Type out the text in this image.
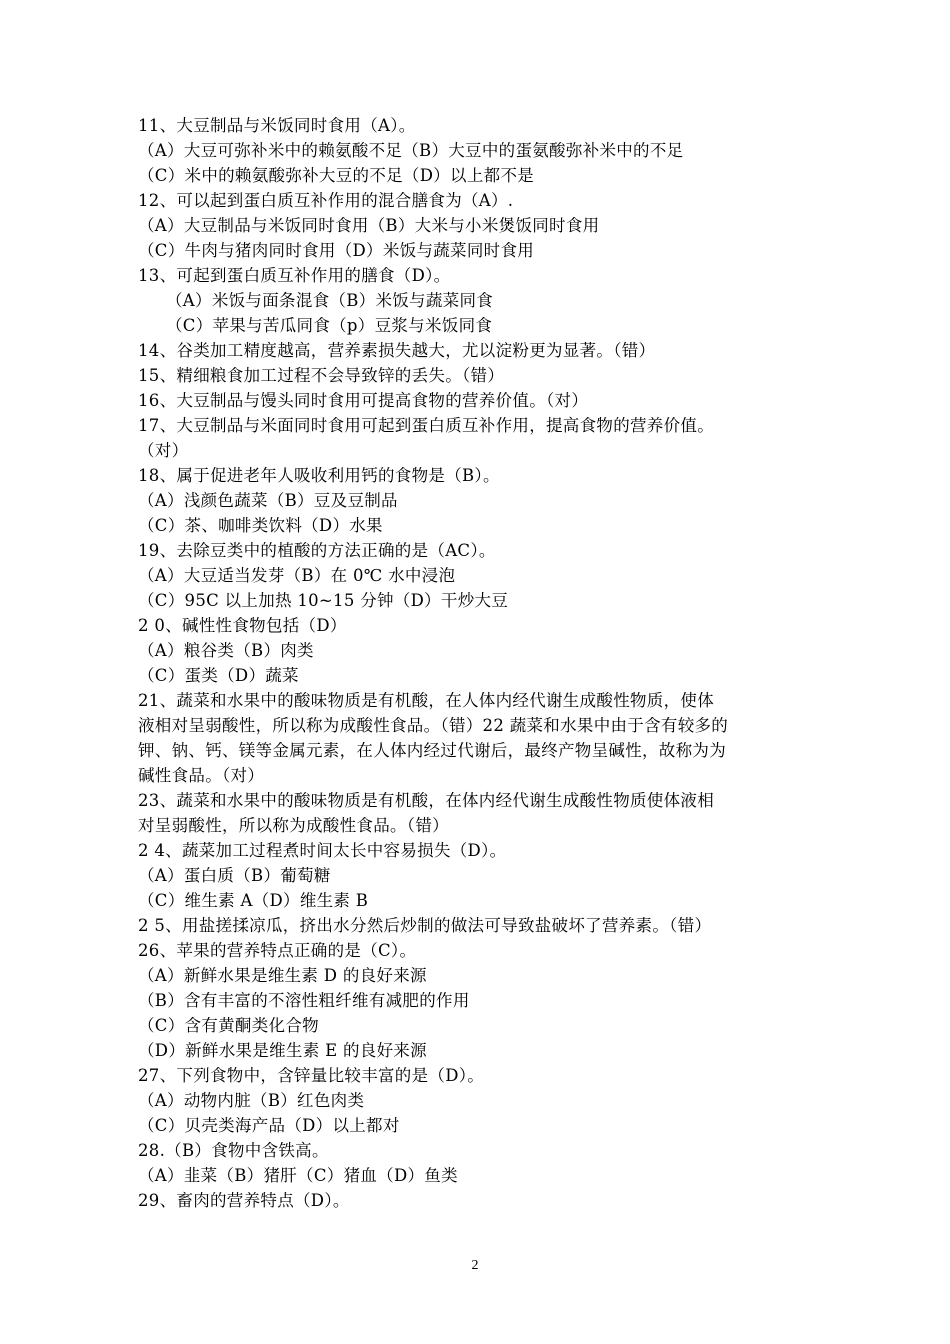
11、大豆制品与米饭同时食用（A）。
（A）大豆可弥补米中的赖氨酸不足（B）大豆中的蛋氨酸弥补米中的不足
（C）米中的赖氨酸弥补大豆的不足（D）以上都不是
12、可以起到蛋白质互补作用的混合膳食为（A）.
（A）大豆制品与米饭同时食用（B）大米与小米煲饭同时食用
（C）牛肉与猪肉同时食用（D）米饭与蔬菜同时食用
13、可起到蛋白质互补作用的膳食（D）。
（A）米饭与面条混食（B）米饭与蔬菜同食
（C）苹果与苦瓜同食（p）豆浆与米饭同食
14、谷类加工精度越高，营养素损失越大，尤以淀粉更为显著。（错）
15、精细粮食加工过程不会导致锌的丢失。（错）
16、大豆制品与馒头同时食用可提高食物的营养价值。（对）
17、大豆制品与米面同时食用可起到蛋白质互补作用，提高食物的营养价值。
（对）
18、属于促进老年人吸收利用钙的食物是（B）。
（A）浅颜色蔬菜（B）豆及豆制品
（C）茶、咖啡类饮料（D）水果
19、去除豆类中的植酸的方法正确的是（AC）。
（A）大豆适当发芽（B）在 0℃ 水中浸泡
（C）95C 以上加热 10~15 分钟（D）干炒大豆
2 0、碱性性食物包括（D）
（A）粮谷类（B）肉类
（C）蛋类（D）蔬菜
21、蔬菜和水果中的酸味物质是有机酸，在人体内经代谢生成酸性物质，使体
液相对呈弱酸性，所以称为成酸性食品。（错）22 蔬菜和水果中由于含有较多的
钾、钠、钙、镁等金属元素，在人体内经过代谢后，最终产物呈碱性，故称为为
碱性食品。（对）
23、蔬菜和水果中的酸味物质是有机酸，在体内经代谢生成酸性物质使体液相
对呈弱酸性，所以称为成酸性食品。（错）
2 4、蔬菜加工过程煮时间太长中容易损失（D）。
（A）蛋白质（B）葡萄糖
（C）维生素 A（D）维生素 B
2 5、用盐搓揉凉瓜，挤出水分然后炒制的做法可导致盐破坏了营养素。（错）
26、苹果的营养特点正确的是（C）。
（A）新鲜水果是维生素 D 的良好来源
（B）含有丰富的不溶性粗纤维有减肥的作用
（C）含有黄酮类化合物
（D）新鲜水果是维生素 E 的良好来源
27、下列食物中，含锌量比较丰富的是（D）。
（A）动物内脏（B）红色肉类
（C）贝壳类海产品（D）以上都对
28.（B）食物中含铁高。
（A）韭菜（B）猪肝（C）猪血（D）鱼类
29、畜肉的营养特点（D）。
2
